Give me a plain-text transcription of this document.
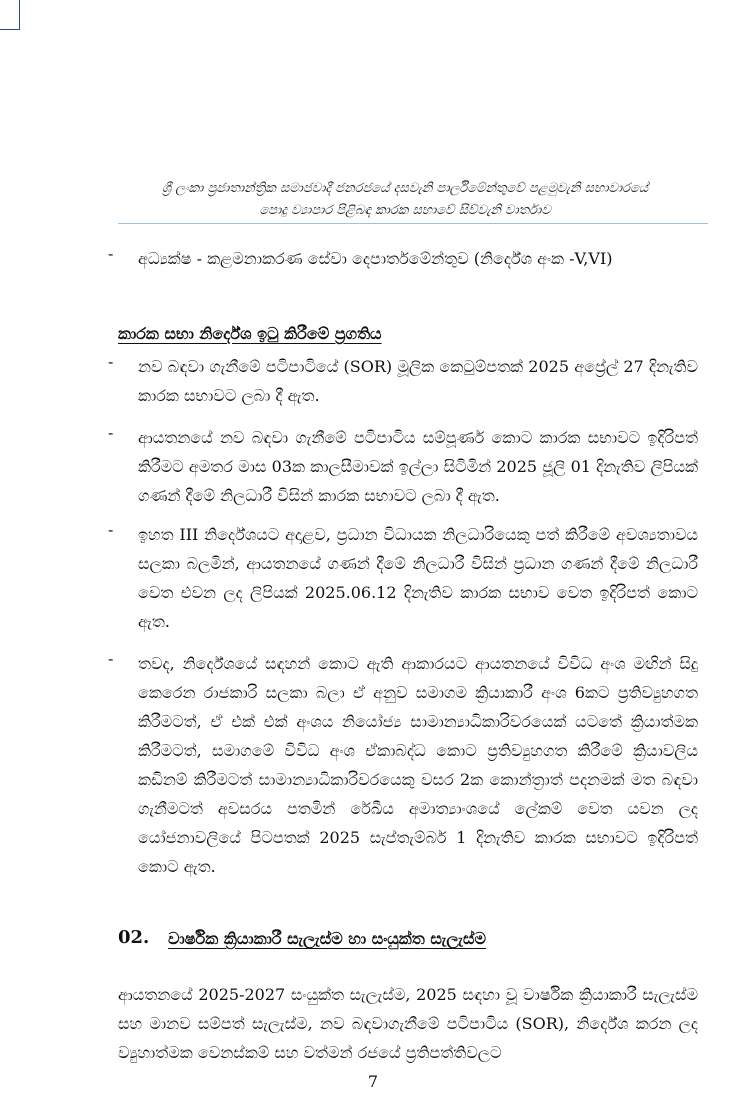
ශ්‍රී ලංකා ප්‍රජාතාන්ත්‍රික සමාජවාදී ජනරජයේ දසවැනි පාර්ලිමේන්තුවේ පළමුවැනි සභාවාරයේ
පොදු ව්‍යාපාර පිළිබඳ කාරක සභාවේ සිව්වැනි වාර්තාව
-	අධ්‍යක්ෂ - කළමනාකරණ සේවා දෙපාර්තමේන්තුව (නිර්දේශ අංක -V,VI)
කාරක සභා නිර්දේශ ඉටු කිරීමේ ප්‍රගතිය
-	නව බඳවා ගැනීමේ පටිපාටියේ (SOR) මූලික කෙටුම්පතක් 2025 අප්‍රේල් 27 දිනැතිව කාරක සභාවට ලබා දී ඇත.
-	ආයතනයේ නව බඳවා ගැනීමේ පටිපාටිය සම්පූර්ණ කොට කාරක සභාවට ඉදිරිපත් කිරීමට අමතර මාස 03ක කාලසීමාවක් ඉල්ලා සිටිමින් 2025 ජූලි 01 දිනැතිව ලිපියක් ගණන් දීමේ නිලධාරී විසින් කාරක සභාවට ලබා දී ඇත.
-	ඉහත III නිර්දේශයට අදාළව, ප්‍රධාන විධායක නිලධාරියෙකු පත් කිරීමේ අවශ්‍යතාවය සලකා බලමින්, ආයතනයේ ගණන් දීමේ නිලධාරී විසින් ප්‍රධාන ගණන් දීමේ නිලධාරී වෙත එවන ලද ලිපියක් 2025.06.12 දිනැතිව කාරක සභාව වෙත ඉදිරිපත් කොට ඇත.
-	තවද, නිර්දේශයේ සඳහන් කොට ඇති ආකාරයට ආයතනයේ විවිධ අංශ මඟින් සිදු කෙරෙන රාජකාරි සලකා බලා ඒ අනුව සමාගම ක්‍රියාකාරී අංශ 6කට ප්‍රතිව්‍යුහගත කිරීමටත්, ඒ එක් එක් අංශය නියෝජ්‍ය සාමාන්‍යාධිකාරිවරයෙක් යටතේ ක්‍රියාත්මක කිරීමටත්, සමාගමේ විවිධ අංශ ඒකාබද්ධ කොට ප්‍රතිව්‍යුහගත කිරීමේ ක්‍රියාවලිය කඩිනම් කිරීමටත් සාමාන්‍යාධිකාරිවරයෙකු වසර 2ක කොන්ත්‍රාත් පදනමක් මත බඳවා ගැනීමටත් අවසරය පතමින් රේඛීය අමාත්‍යාංශයේ ලේකම් වෙත යවන ලද යෝජනාවලියේ පිටපතක් 2025 සැප්තැම්බර් 1 දිනැතිව කාරක සභාවට ඉදිරිපත් කොට ඇත.
02. වාර්ෂික ක්‍රියාකාරී සැලැස්ම හා සංයුක්ත සැලැස්ම
ආයතනයේ 2025-2027 සංයුක්ත සැලැස්ම, 2025 සඳහා වූ වාර්ෂික ක්‍රියාකාරී සැලැස්ම සහ මානව සම්පත් සැලැස්ම, නව බඳවාගැනීමේ පටිපාටිය (SOR), නිර්දේශ කරන ලද ව්‍යුහාත්මක වෙනස්කම් සහ වත්මන් රජයේ ප්‍රතිපත්තිවලට
7
